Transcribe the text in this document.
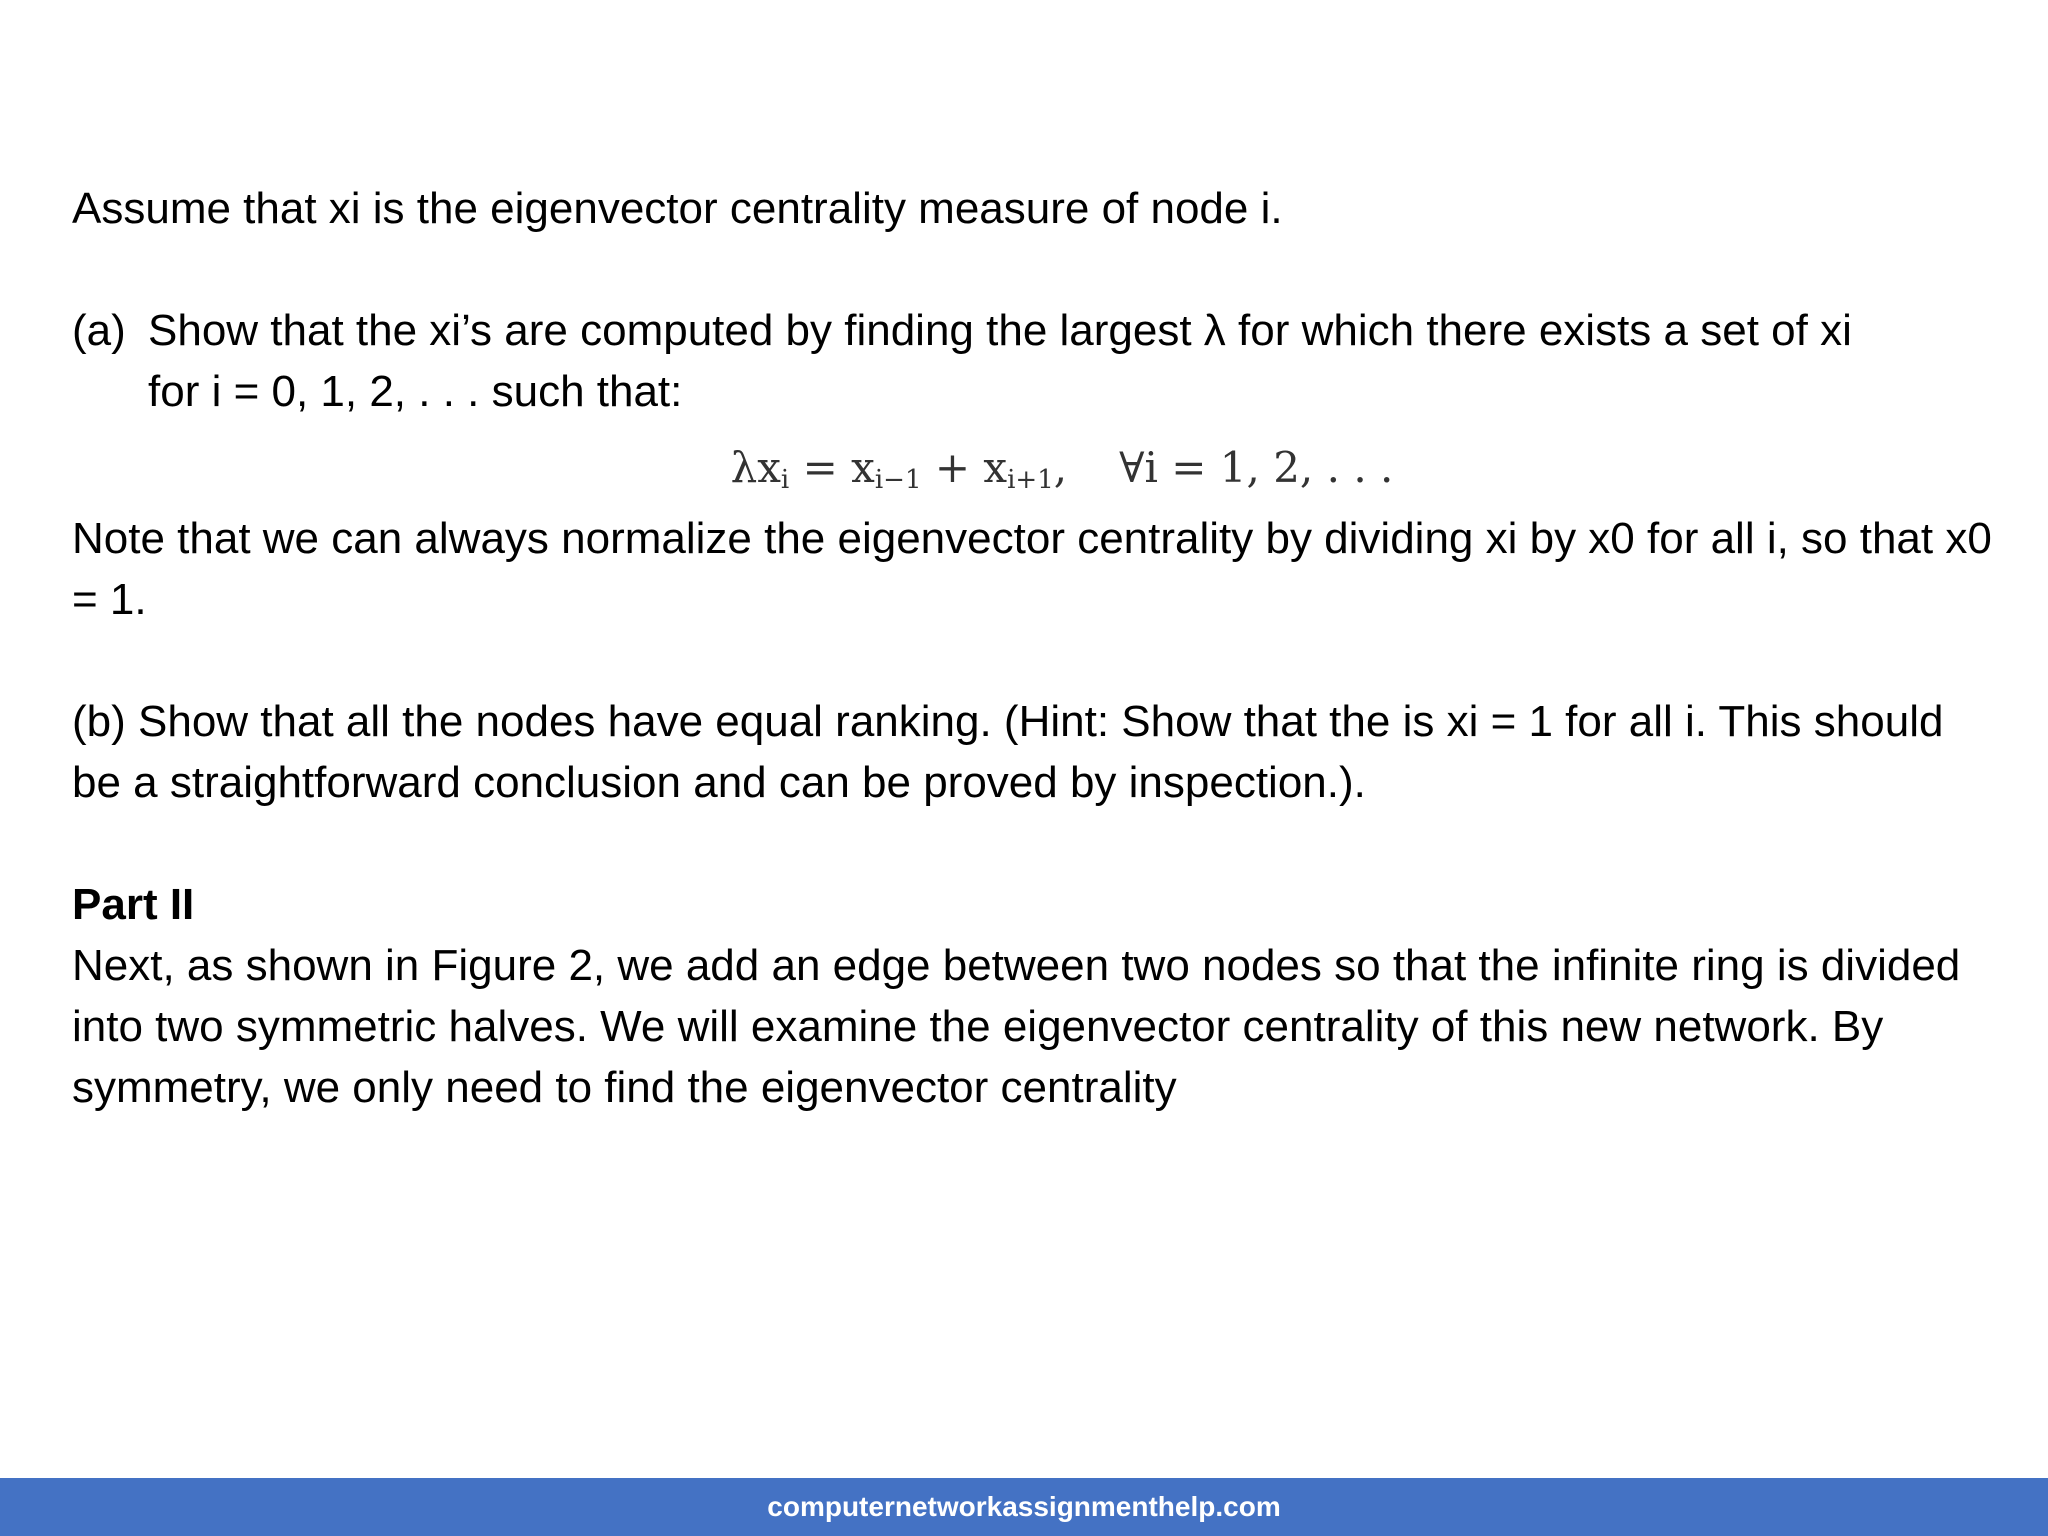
Assume that xi is the eigenvector centrality measure of node i.

(a) Show that the xi’s are computed by finding the largest λ for which there exists a set of xi
for i = 0, 1, 2, . . . such that:
$\lambda x_i = x_{i-1} + x_{i+1}$, ∀i = 1, 2, . . .

Note that we can always normalize the eigenvector centrality by dividing xi by x0 for all i, so that x0 = 1.

(b) Show that all the nodes have equal ranking. (Hint: Show that the is xi = 1 for all i. This should be a straightforward conclusion and can be proved by inspection.).

Part II

Next, as shown in Figure 2, we add an edge between two nodes so that the infinite ring is divided into two symmetric halves. We will examine the eigenvector centrality of this new network. By symmetry, we only need to find the eigenvector centrality

computernetworkassignmenthelp.com
